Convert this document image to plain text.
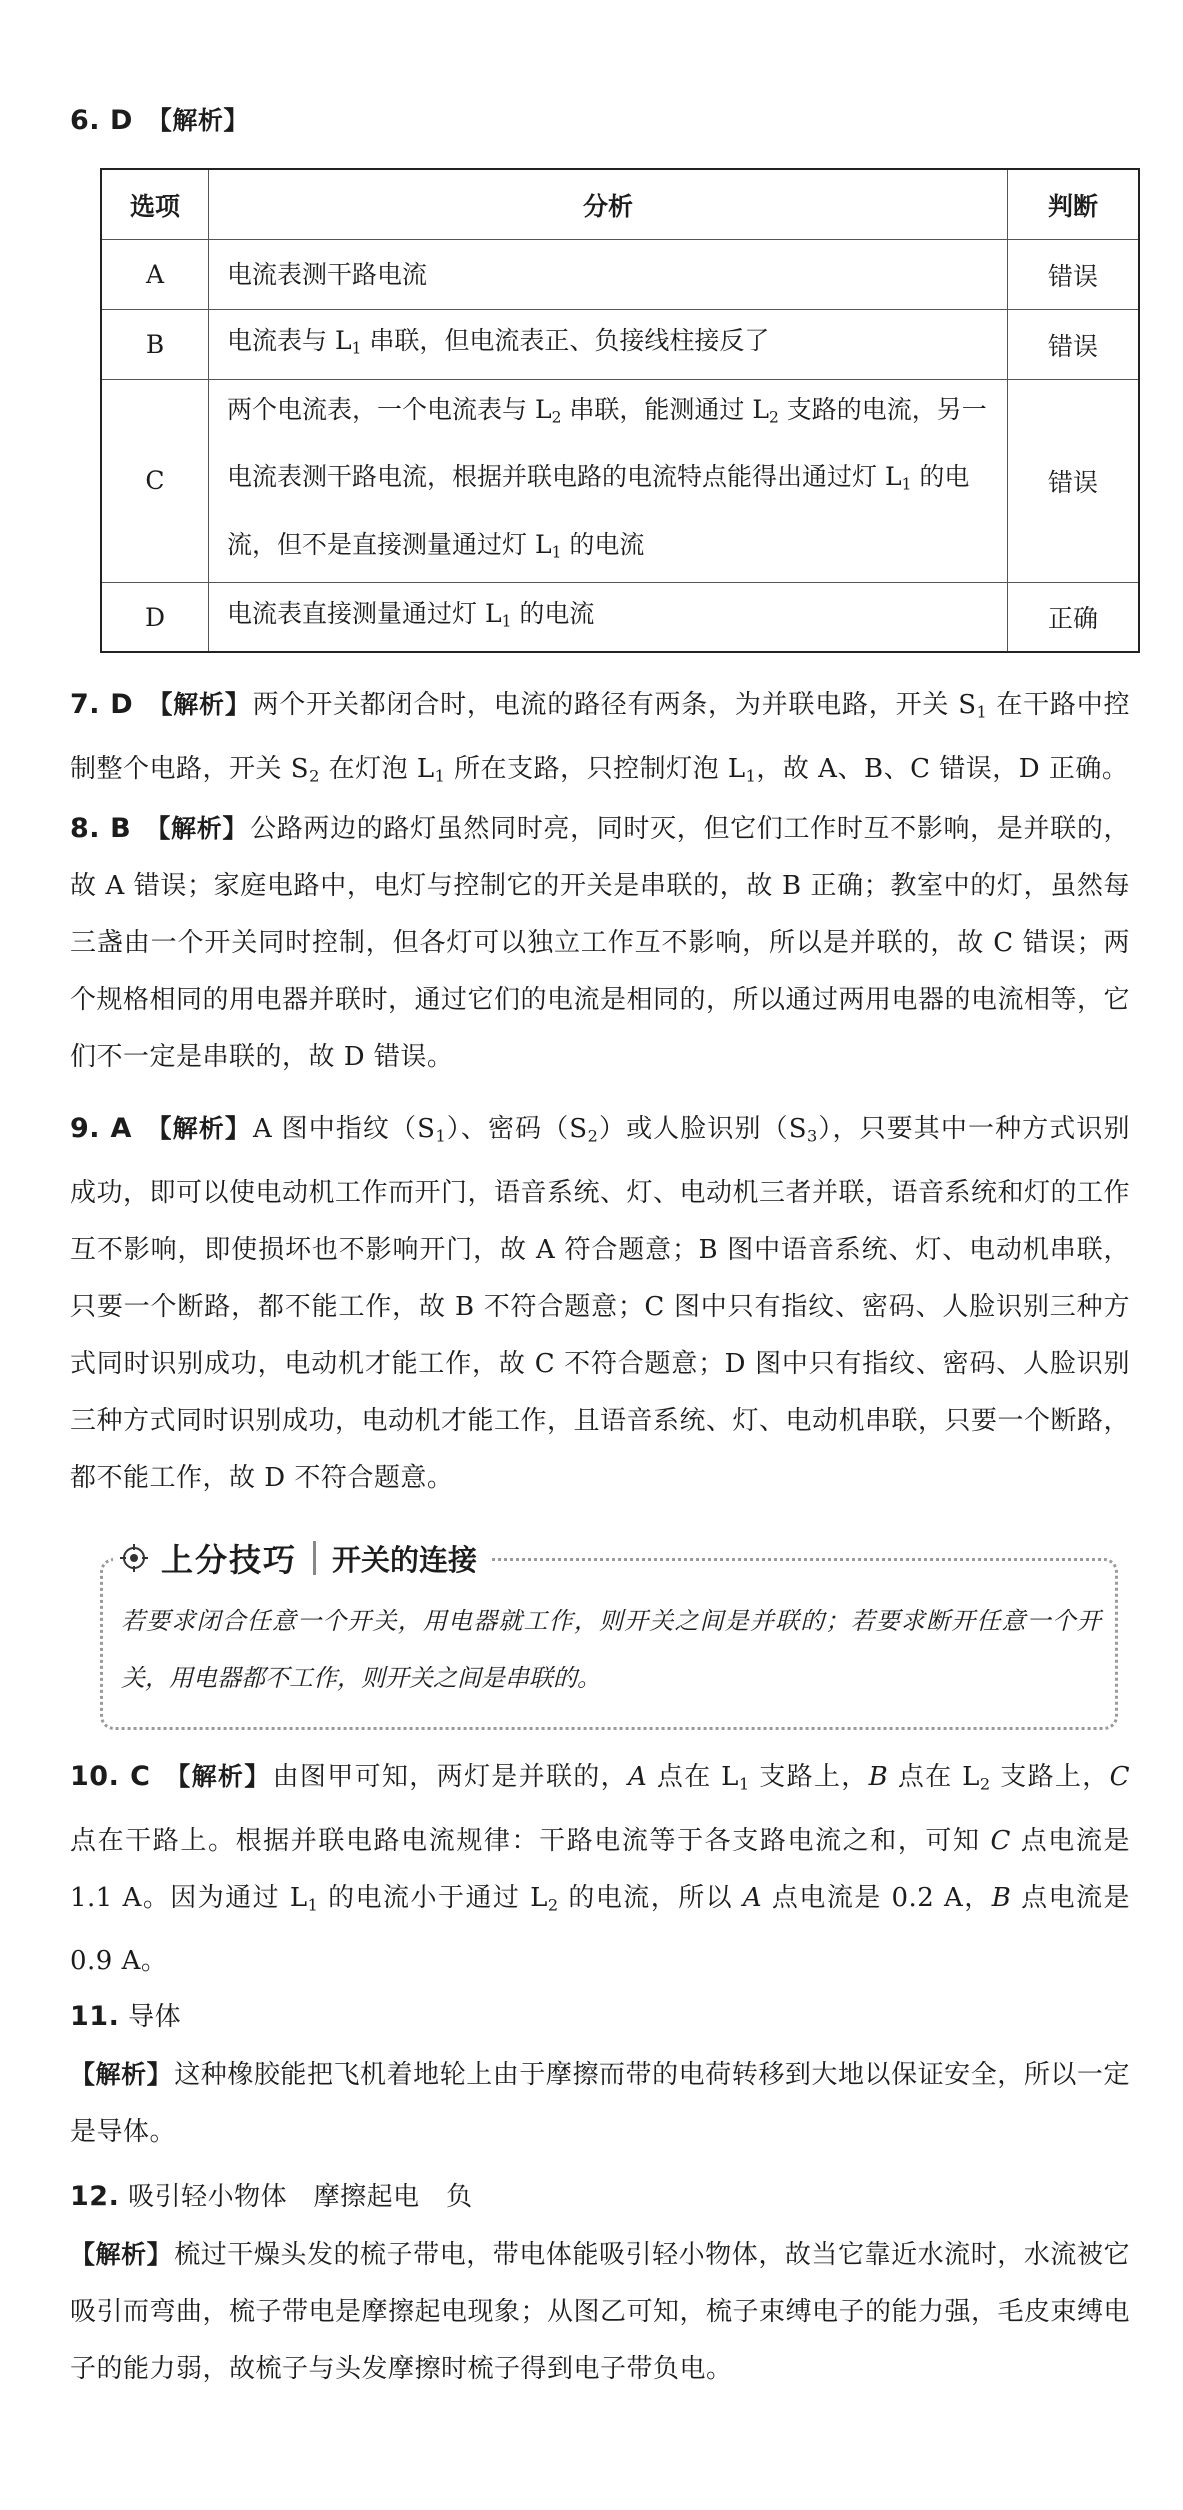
6. D 【解析】
选项	分析	判断
A	电流表测干路电流	错误
B	电流表与 $L_1$ 串联，但电流表正、负接线柱接反了	错误
C	两个电流表，一个电流表与 $L_2$ 串联，能测通过 $L_2$ 支路的电流，另一电流表测干路电流，根据并联电路的电流特点能得出通过灯 $L_1$ 的电流，但不是直接测量通过灯 $L_1$ 的电流	错误
D	电流表直接测量通过灯 $L_1$ 的电流	正确
7. D 【解析】两个开关都闭合时，电流的路径有两条，为并联电路，开关 $S_1$ 在干路中控制整个电路，开关 $S_2$ 在灯泡 $L_1$ 所在支路，只控制灯泡 $L_1$，故 A、B、C 错误，D 正确。
8. B 【解析】公路两边的路灯虽然同时亮，同时灭，但它们工作时互不影响，是并联的，故 A 错误；家庭电路中，电灯与控制它的开关是串联的，故 B 正确；教室中的灯，虽然每三盏由一个开关同时控制，但各灯可以独立工作互不影响，所以是并联的，故 C 错误；两个规格相同的用电器并联时，通过它们的电流是相同的，所以通过两用电器的电流相等，它们不一定是串联的，故 D 错误。
9. A 【解析】A 图中指纹$(S_1)$、密码$(S_2)$或人脸识别$(S_3)$，只要其中一种方式识别成功，即可以使电动机工作而开门，语音系统、灯、电动机三者并联，语音系统和灯的工作互不影响，即使损坏也不影响开门，故 A 符合题意；B 图中语音系统、灯、电动机串联，只要一个断路，都不能工作，故 B 不符合题意；C 图中只有指纹、密码、人脸识别三种方式同时识别成功，电动机才能工作，故 C 不符合题意；D 图中只有指纹、密码、人脸识别三种方式同时识别成功，电动机才能工作，且语音系统、灯、电动机串联，只要一个断路，都不能工作，故 D 不符合题意。
上分技巧 开关的连接
若要求闭合任意一个开关，用电器就工作，则开关之间是并联的；若要求断开任意一个开关，用电器都不工作，则开关之间是串联的。
10. C 【解析】由图甲可知，两灯是并联的，A 点在 $L_1$ 支路上，B 点在 $L_2$ 支路上，C 点在干路上。根据并联电路电流规律：干路电流等于各支路电流之和，可知 C 点电流是 1.1 A。因为通过 $L_1$ 的电流小于通过 $L_2$ 的电流，所以 A 点电流是 0.2 A，B 点电流是 0.9 A。
11. 导体
【解析】这种橡胶能把飞机着地轮上由于摩擦而带的电荷转移到大地以保证安全，所以一定是导体。
12. 吸引轻小物体　摩擦起电　负
【解析】梳过干燥头发的梳子带电，带电体能吸引轻小物体，故当它靠近水流时，水流被它吸引而弯曲，梳子带电是摩擦起电现象；从图乙可知，梳子束缚电子的能力强，毛皮束缚电子的能力弱，故梳子与头发摩擦时梳子得到电子带负电。
